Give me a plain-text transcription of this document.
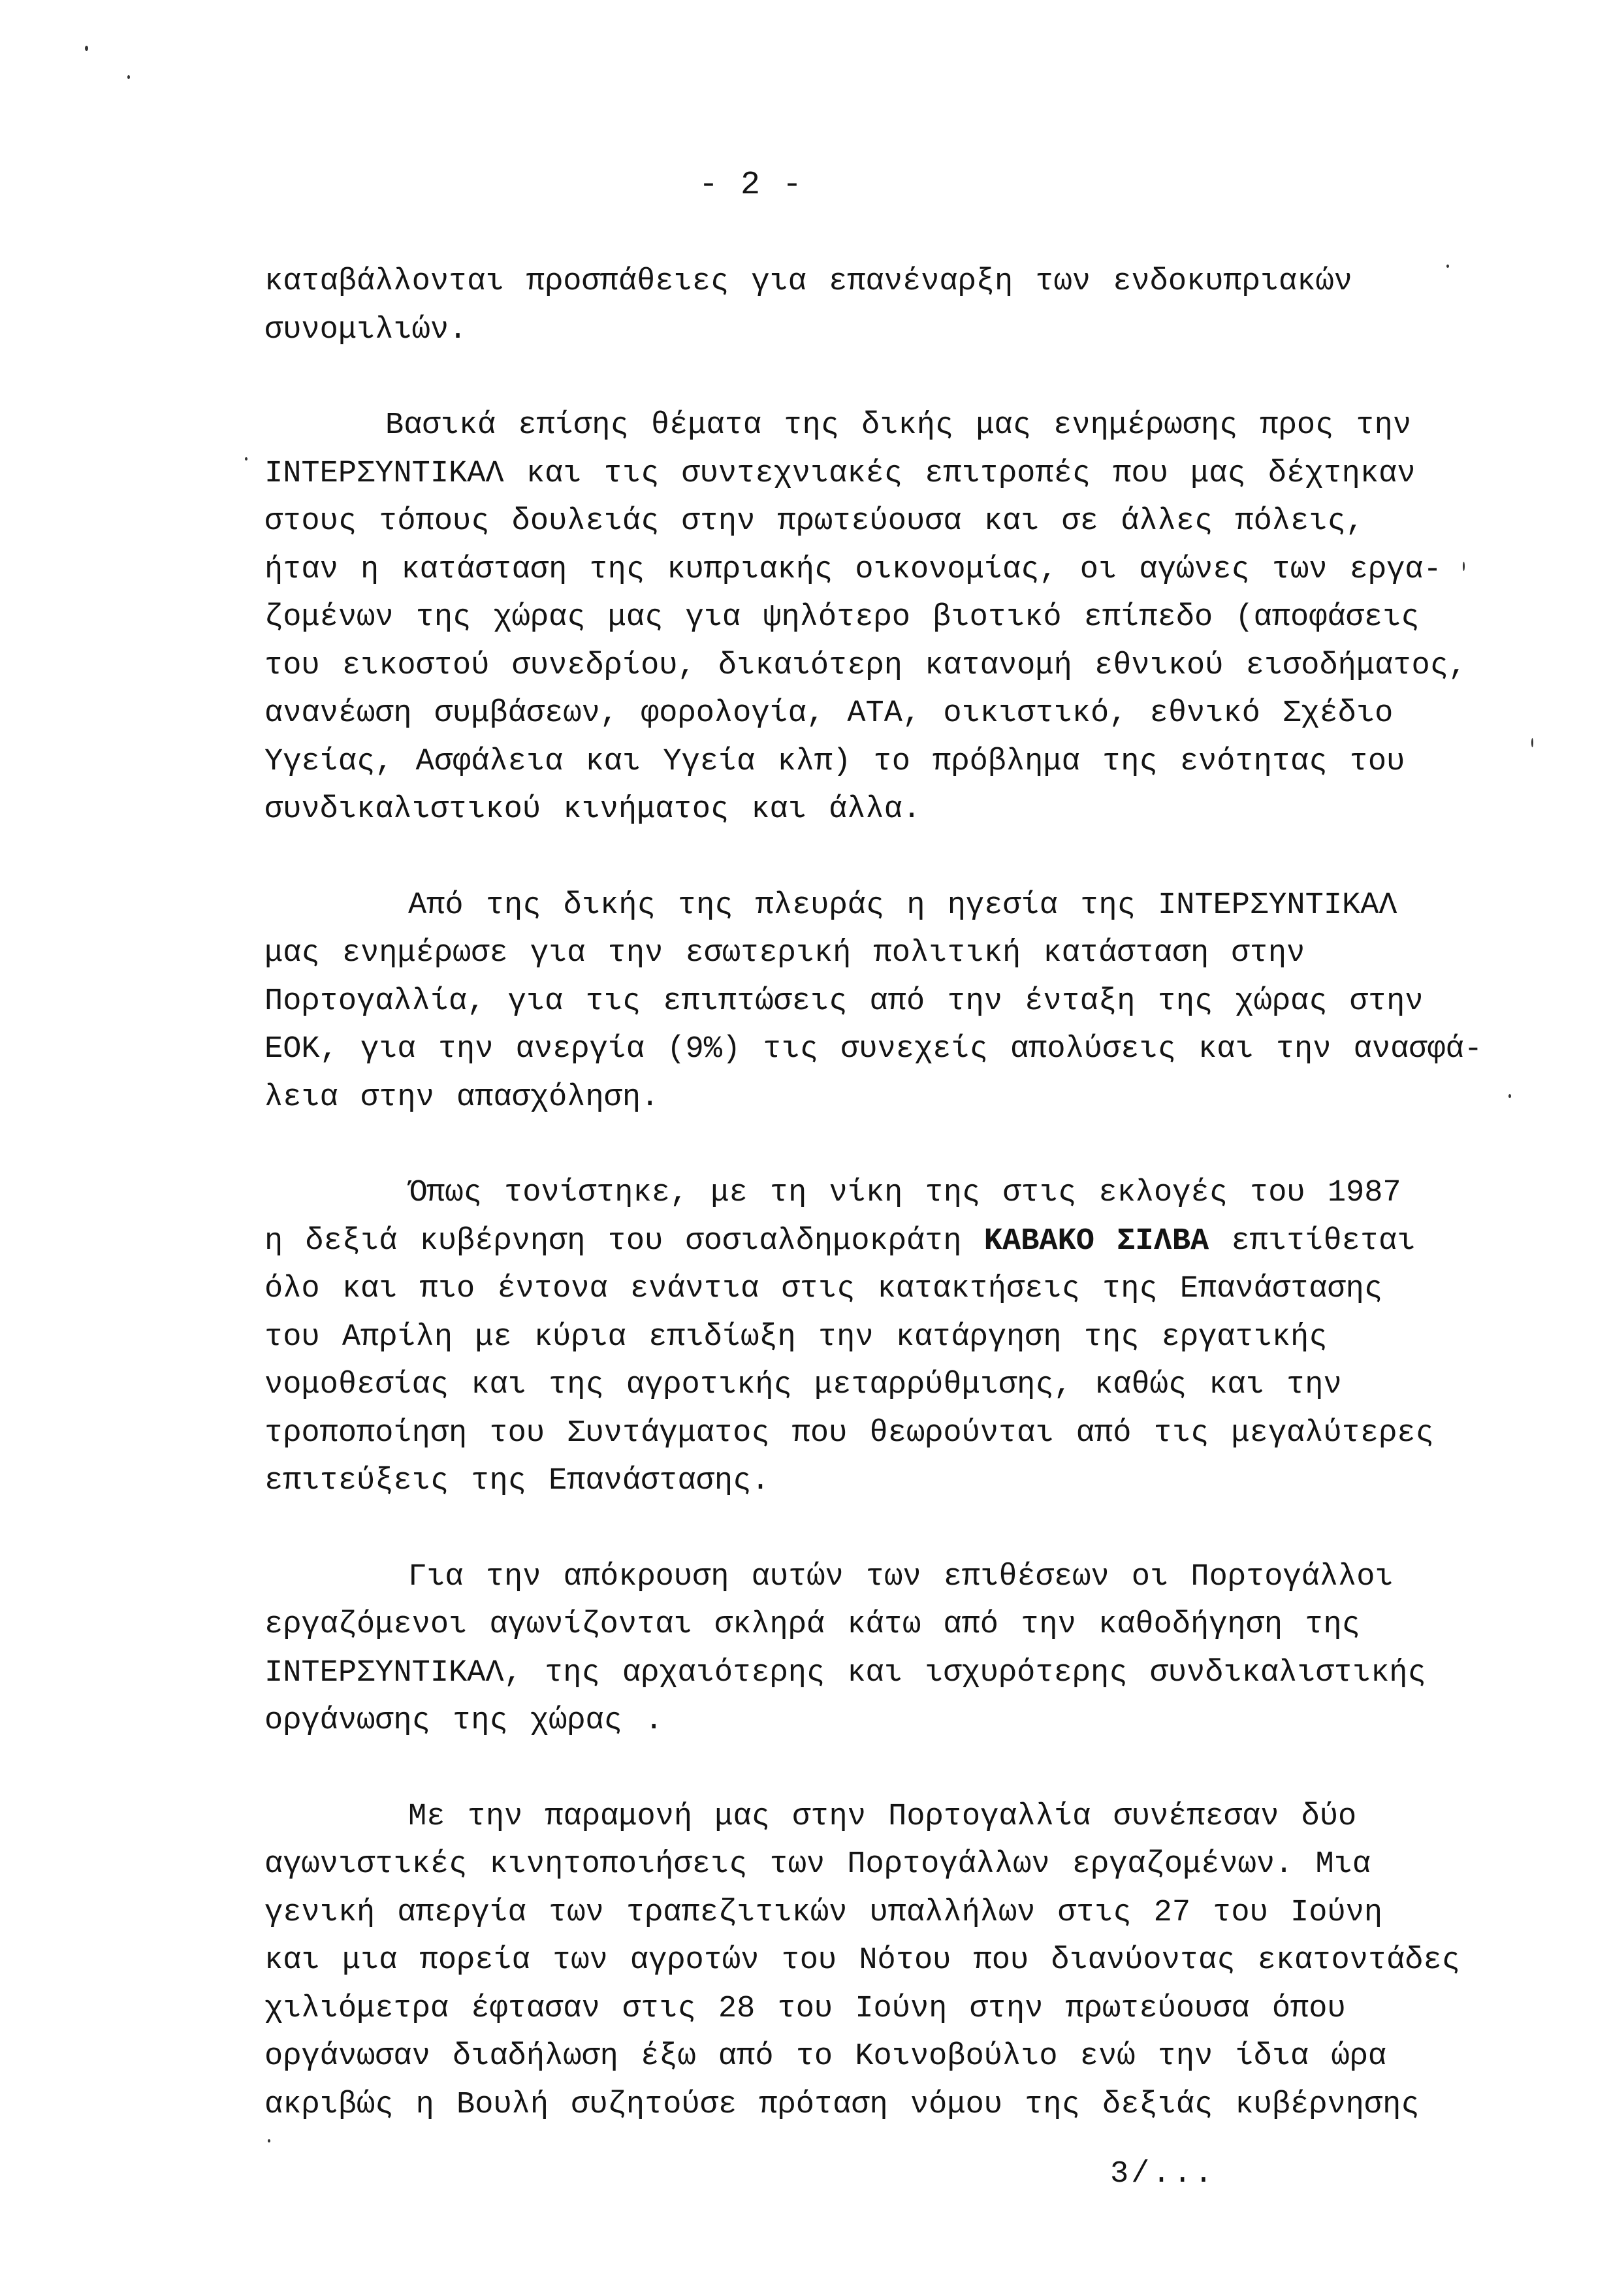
- 2 -
καταβάλλονται προσπάθειες για επανέναρξη των ενδοκυπριακών
συνομιλιών.
Βασικά επίσης θέματα της δικής μας ενημέρωσης προς την
ΙΝΤΕΡΣΥΝΤΙΚΑΛ και τις συντεχνιακές επιτροπές που μας δέχτηκαν
στους τόπους δουλειάς στην πρωτεύουσα και σε άλλες πόλεις,
ήταν η κατάσταση της κυπριακής οικονομίας, οι αγώνες των εργα-
ζομένων της χώρας μας για ψηλότερο βιοτικό επίπεδο (αποφάσεις
του εικοστού συνεδρίου, δικαιότερη κατανομή εθνικού εισοδήματος,
ανανέωση συμβάσεων, φορολογία, ΑΤΑ, οικιστικό, εθνικό Σχέδιο
Υγείας, Ασφάλεια και Υγεία κλπ) το πρόβλημα της ενότητας του
συνδικαλιστικού κινήματος και άλλα.
Από της δικής της πλευράς η ηγεσία της ΙΝΤΕΡΣΥΝΤΙΚΑΛ
μας ενημέρωσε για την εσωτερική πολιτική κατάσταση στην
Πορτογαλλία, για τις επιπτώσεις από την ένταξη της χώρας στην
ΕΟΚ, για την ανεργία (9%) τις συνεχείς απολύσεις και την ανασφά-
λεια στην απασχόληση.
Όπως τονίστηκε, με τη νίκη της στις εκλογές του 1987
η δεξιά κυβέρνηση του σοσιαλδημοκράτη ΚΑΒΑΚΟ ΣΙΛΒΑ επιτίθεται
όλο και πιο έντονα ενάντια στις κατακτήσεις της Επανάστασης
του Απρίλη με κύρια επιδίωξη την κατάργηση της εργατικής
νομοθεσίας και της αγροτικής μεταρρύθμισης, καθώς και την
τροποποίηση του Συντάγματος που θεωρούνται από τις μεγαλύτερες
επιτεύξεις της Επανάστασης.
Για την απόκρουση αυτών των επιθέσεων οι Πορτογάλλοι
εργαζόμενοι αγωνίζονται σκληρά κάτω από την καθοδήγηση της
ΙΝΤΕΡΣΥΝΤΙΚΑΛ, της αρχαιότερης και ισχυρότερης συνδικαλιστικής
οργάνωσης της χώρας .
Με την παραμονή μας στην Πορτογαλλία συνέπεσαν δύο
αγωνιστικές κινητοποιήσεις των Πορτογάλλων εργαζομένων. Μια
γενική απεργία των τραπεζιτικών υπαλλήλων στις 27 του Ιούνη
και μια πορεία των αγροτών του Νότου που διανύοντας εκατοντάδες
χιλιόμετρα έφτασαν στις 28 του Ιούνη στην πρωτεύουσα όπου
οργάνωσαν διαδήλωση έξω από το Κοινοβούλιο ενώ την ίδια ώρα
ακριβώς η Βουλή συζητούσε πρόταση νόμου της δεξιάς κυβέρνησης
3/...
